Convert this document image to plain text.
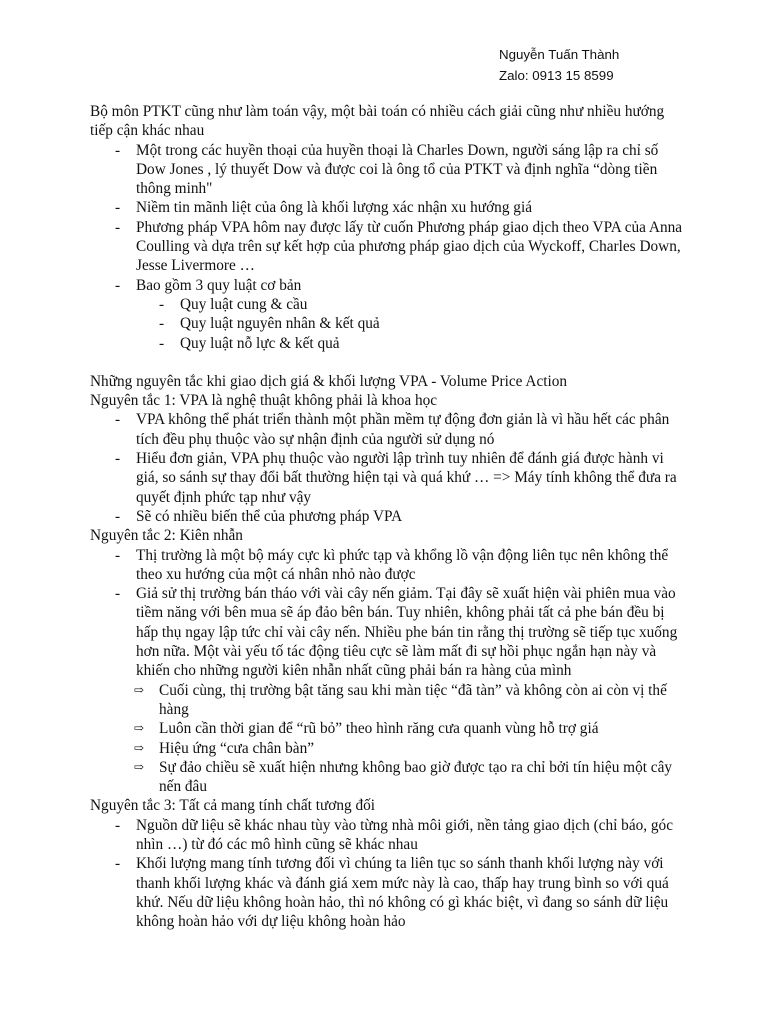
Nguyễn Tuấn Thành
Zalo: 0913 15 8599

Bộ môn PTKT cũng như làm toán vậy, một bài toán có nhiều cách giải cũng như nhiều hướng tiếp cận khác nhau

- Một trong các huyền thoại của huyền thoại là Charles Down, người sáng lập ra chỉ số Dow Jones , lý thuyết Dow và được coi là ông tổ của PTKT và định nghĩa “dòng tiền thông minh"
- Niềm tin mãnh liệt của ông là khối lượng xác nhận xu hướng giá
- Phương pháp VPA hôm nay được lấy từ cuốn Phương pháp giao dịch theo VPA của Anna Coulling và dựa trên sự kết hợp của phương pháp giao dịch của Wyckoff, Charles Down, Jesse Livermore …
- Bao gồm 3 quy luật cơ bản
- Quy luật cung & cầu
- Quy luật nguyên nhân & kết quả
- Quy luật nỗ lực & kết quả

Những nguyên tắc khi giao dịch giá & khối lượng VPA - Volume Price Action

Nguyên tắc 1: VPA là nghệ thuật không phải là khoa học

- VPA không thể phát triển thành một phần mềm tự động đơn giản là vì hầu hết các phân tích đều phụ thuộc vào sự nhận định của người sử dụng nó
- Hiểu đơn giản, VPA phụ thuộc vào người lập trình tuy nhiên để đánh giá được hành vi giá, so sánh sự thay đổi bất thường hiện tại và quá khứ … => Máy tính không thể đưa ra quyết định phức tạp như vậy
- Sẽ có nhiều biến thể của phương pháp VPA

Nguyên tắc 2: Kiên nhẫn

- Thị trường là một bộ máy cực kì phức tạp và khổng lồ vận động liên tục nên không thể theo xu hướng của một cá nhân nhỏ nào được
- Giả sử thị trường bán tháo với vài cây nến giảm. Tại đây sẽ xuất hiện vài phiên mua vào tiềm năng với bên mua sẽ áp đảo bên bán. Tuy nhiên, không phải tất cả phe bán đều bị hấp thụ ngay lập tức chỉ vài cây nến. Nhiều phe bán tin rằng thị trường sẽ tiếp tục xuống hơn nữa. Một vài yếu tố tác động tiêu cực sẽ làm mất đi sự hồi phục ngắn hạn này và khiến cho những người kiên nhẫn nhất cũng phải bán ra hàng của mình
⇨ Cuối cùng, thị trường bật tăng sau khi màn tiệc “đã tàn” và không còn ai còn vị thế hàng
⇨ Luôn cần thời gian để “rũ bỏ” theo hình răng cưa quanh vùng hỗ trợ giá
⇨ Hiệu ứng “cưa chân bàn”
⇨ Sự đảo chiều sẽ xuất hiện nhưng không bao giờ được tạo ra chỉ bởi tín hiệu một cây nến đâu

Nguyên tắc 3: Tất cả mang tính chất tương đối

- Nguồn dữ liệu sẽ khác nhau tùy vào từng nhà môi giới, nền tảng giao dịch (chỉ báo, góc nhìn …) từ đó các mô hình cũng sẽ khác nhau
- Khối lượng mang tính tương đối vì chúng ta liên tục so sánh thanh khối lượng này với thanh khối lượng khác và đánh giá xem mức này là cao, thấp hay trung bình so với quá khứ. Nếu dữ liệu không hoàn hảo, thì nó không có gì khác biệt, vì đang so sánh dữ liệu không hoàn hảo với dự liệu không hoàn hảo
